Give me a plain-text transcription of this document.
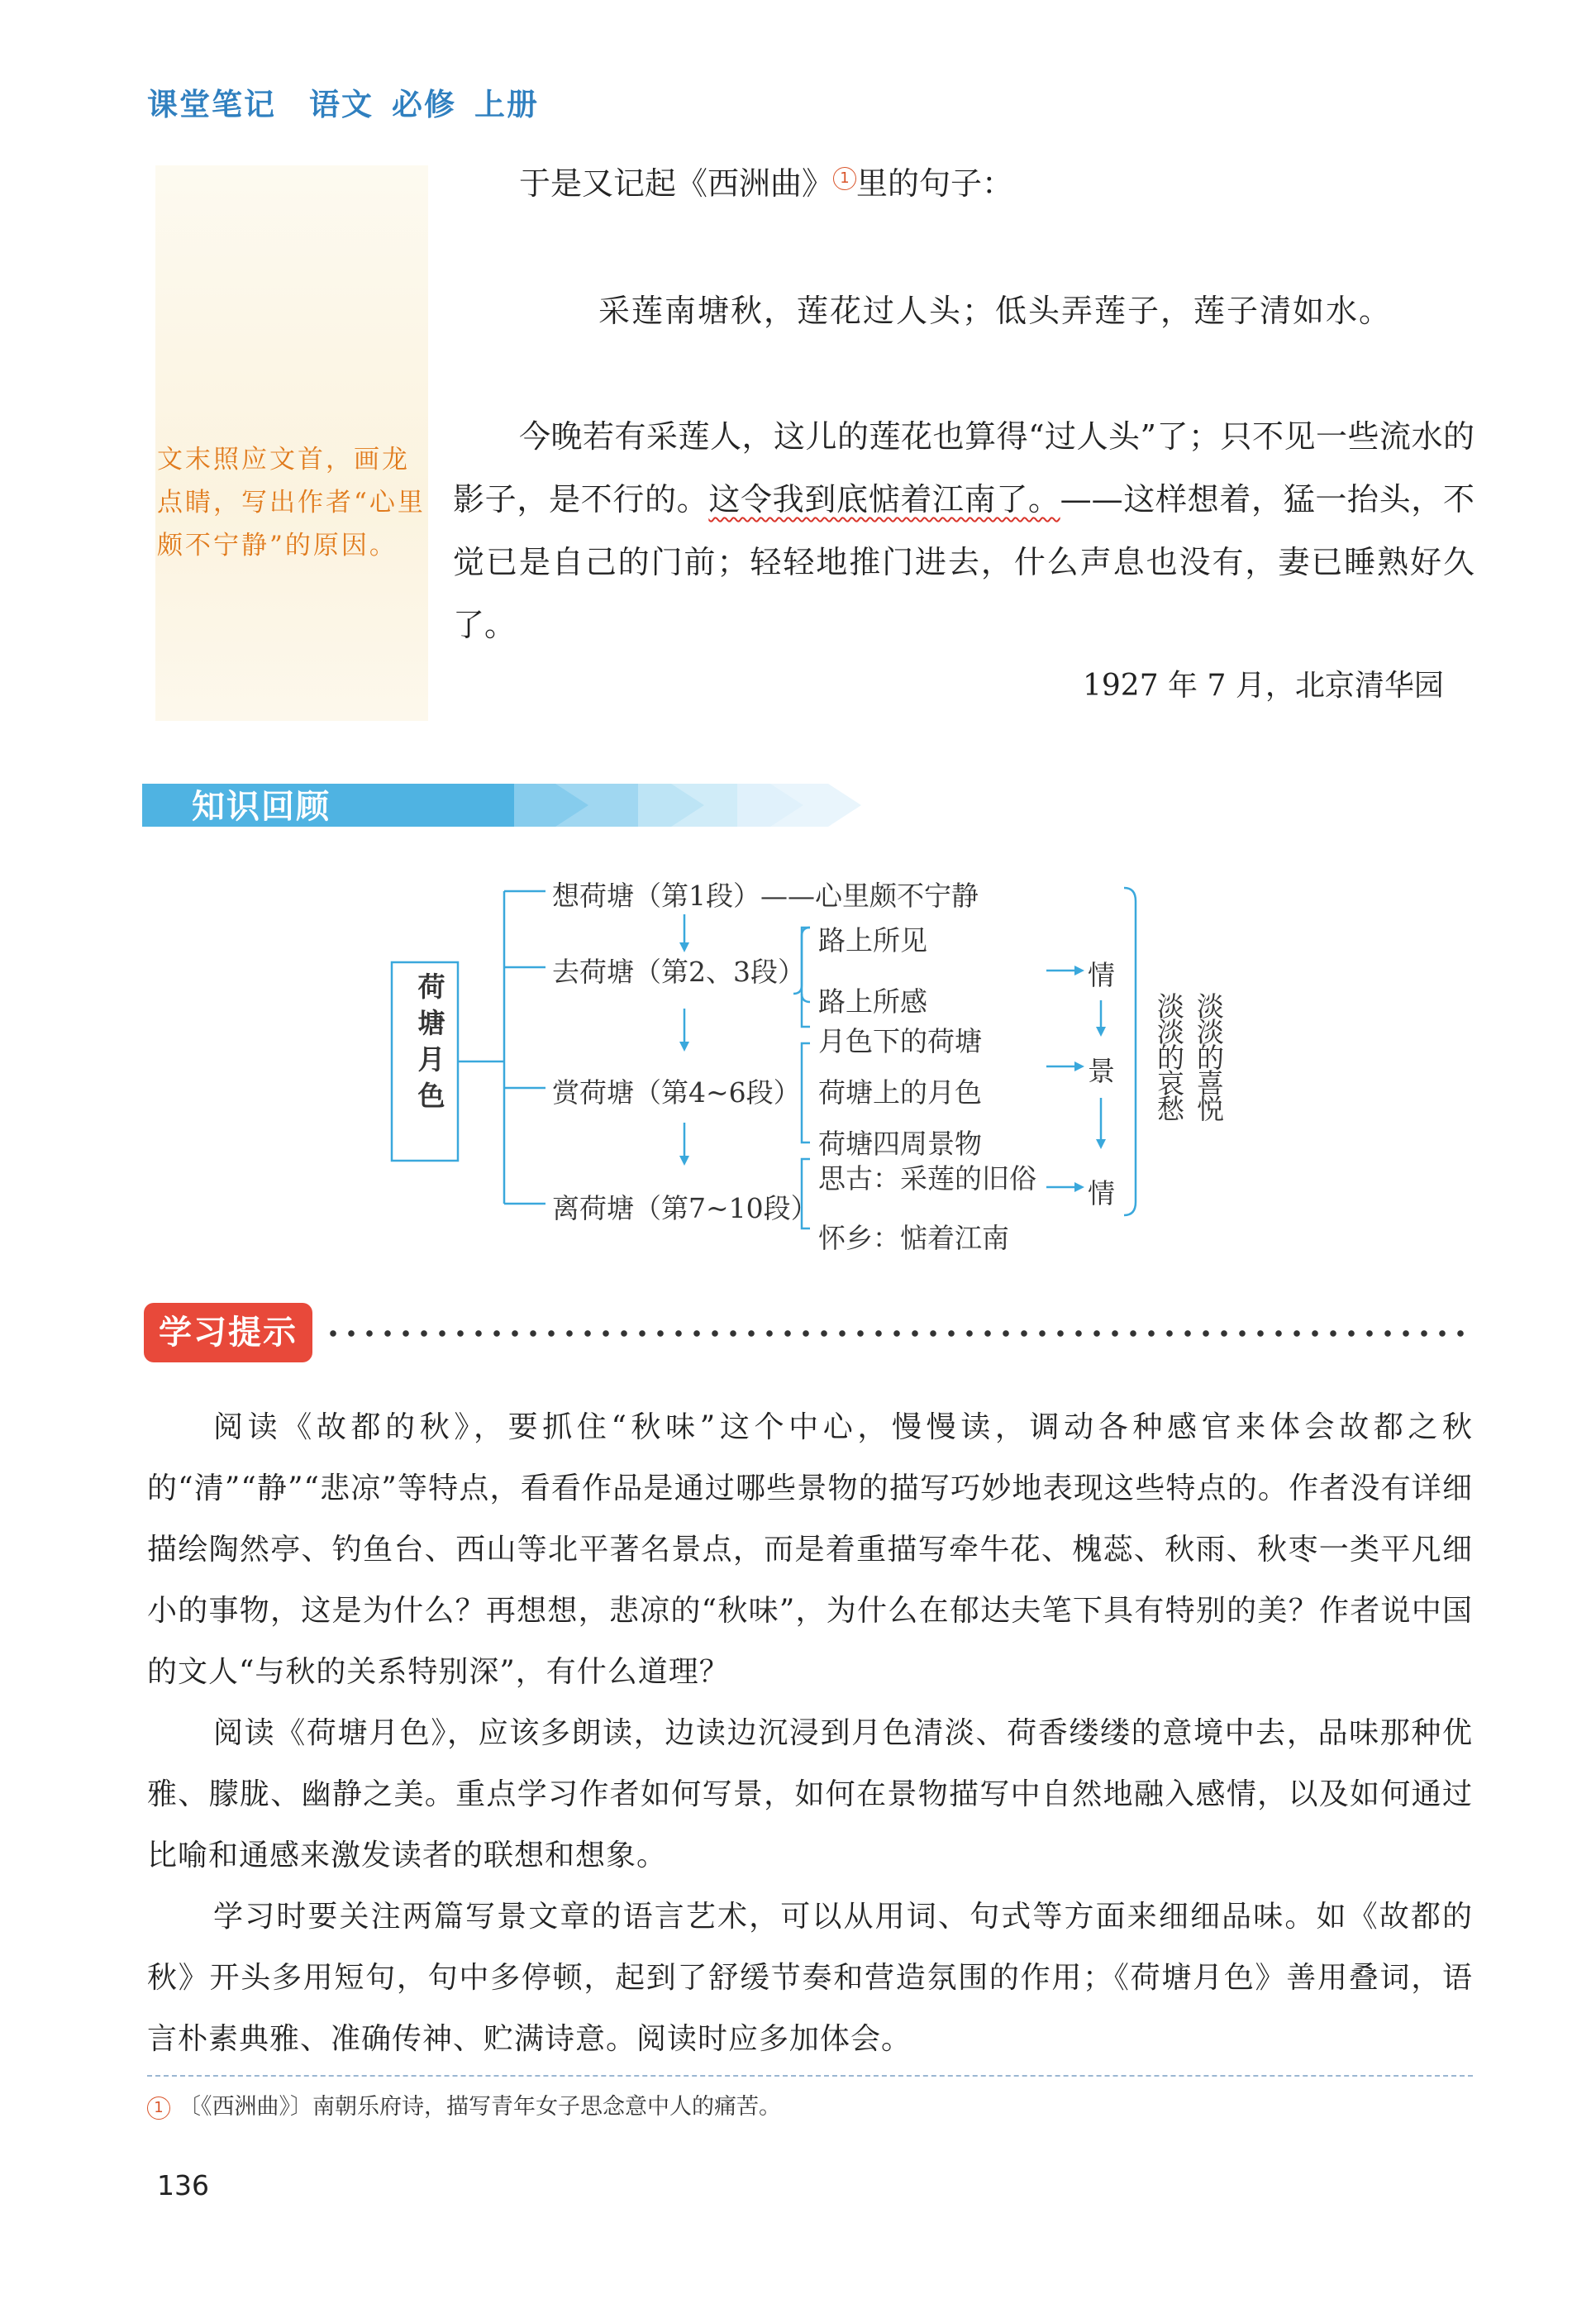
课堂笔记 语文 必修 上册
文末照应文首，画龙点睛，写出作者“心里颇不宁静”的原因。
于是又记起《西洲曲》 1 里的句子：
采莲南塘秋，莲花过人头；低头弄莲子，莲子清如水。
今晚若有采莲人，这儿的莲花也算得“过人头”了；只不见一些流水的影子，是不行的。这令我到底惦着江南了。——这样想着，猛一抬头，不觉已是自己的门前；轻轻地推门进去，什么声息也没有，妻已睡熟好久了。
1927 年 7 月，北京清华园
知识回顾
荷塘月色
想荷塘（第1段）——心里颇不宁静
去荷塘（第2、3段）
赏荷塘（第4~6段）
离荷塘（第7~10段）
路上所见
路上所感
月色下的荷塘
荷塘上的月色
荷塘四周景物
思古：采莲的旧俗
怀乡：惦着江南
情
景
情
淡淡的哀愁 淡淡的喜悦
学习提示
阅读《故都的秋》，要抓住“秋味”这个中心，慢慢读，调动各种感官来体会故都之秋的“清”“静”“悲凉”等特点，看看作品是通过哪些景物的描写巧妙地表现这些特点的。作者没有详细描绘陶然亭、钓鱼台、西山等北平著名景点，而是着重描写牵牛花、槐蕊、秋雨、秋枣一类平凡细小的事物，这是为什么？再想想，悲凉的“秋味”，为什么在郁达夫笔下具有特别的美？作者说中国的文人“与秋的关系特别深”，有什么道理？
阅读《荷塘月色》，应该多朗读，边读边沉浸到月色清淡、荷香缕缕的意境中去，品味那种优雅、朦胧、幽静之美。重点学习作者如何写景，如何在景物描写中自然地融入感情，以及如何通过比喻和通感来激发读者的联想和想象。
学习时要关注两篇写景文章的语言艺术，可以从用词、句式等方面来细细品味。如《故都的秋》开头多用短句，句中多停顿，起到了舒缓节奏和营造氛围的作用；《荷塘月色》善用叠词，语言朴素典雅、准确传神、贮满诗意。阅读时应多加体会。
1 〔《西洲曲》〕南朝乐府诗，描写青年女子思念意中人的痛苦。
136
